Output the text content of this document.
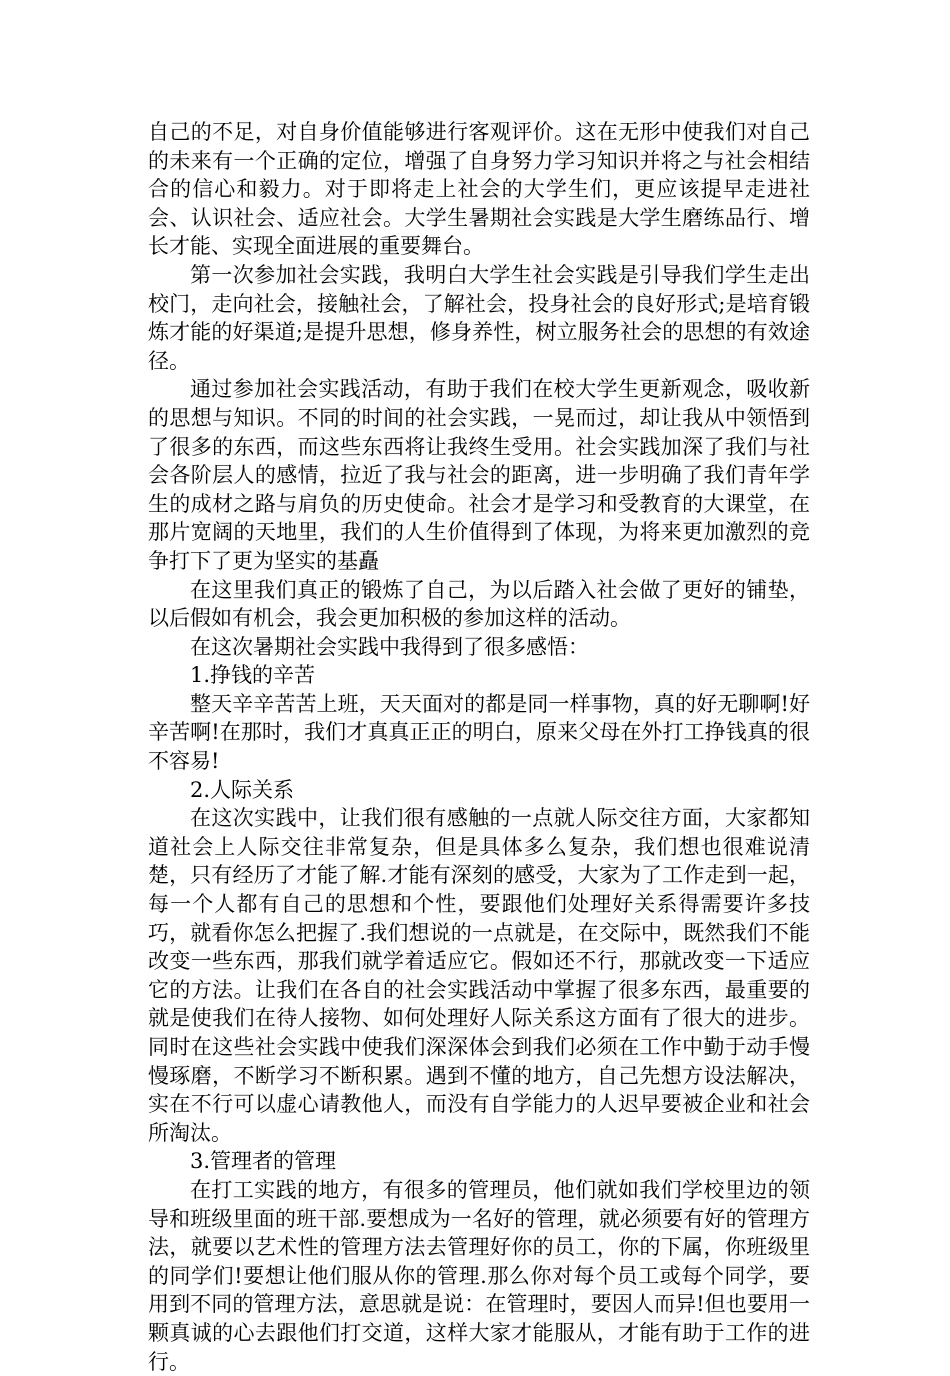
自己的不足，对自身价值能够进行客观评价。这在无形中使我们对自己的未来有一个正确的定位，增强了自身努力学习知识并将之与社会相结合的信心和毅力。对于即将走上社会的大学生们，更应该提早走进社会、认识社会、适应社会。大学生暑期社会实践是大学生磨练品行、增长才能、实现全面进展的重要舞台。

第一次参加社会实践，我明白大学生社会实践是引导我们学生走出校门，走向社会，接触社会，了解社会，投身社会的良好形式;是培育锻炼才能的好渠道;是提升思想，修身养性，树立服务社会的思想的有效途径。

通过参加社会实践活动，有助于我们在校大学生更新观念，吸收新的思想与知识。不同的时间的社会实践，一晃而过，却让我从中领悟到了很多的东西，而这些东西将让我终生受用。社会实践加深了我们与社会各阶层人的感情，拉近了我与社会的距离，进一步明确了我们青年学生的成材之路与肩负的历史使命。社会才是学习和受教育的大课堂，在那片宽阔的天地里，我们的人生价值得到了体现，为将来更加激烈的竞争打下了更为坚实的基矗

在这里我们真正的锻炼了自己，为以后踏入社会做了更好的铺垫，以后假如有机会，我会更加积极的参加这样的活动。

在这次暑期社会实践中我得到了很多感悟：

1.挣钱的辛苦

整天辛辛苦苦上班，天天面对的都是同一样事物，真的好无聊啊!好辛苦啊!在那时，我们才真真正正的明白，原来父母在外打工挣钱真的很不容易!

2.人际关系

在这次实践中，让我们很有感触的一点就人际交往方面，大家都知道社会上人际交往非常复杂，但是具体多么复杂，我们想也很难说清楚，只有经历了才能了解.才能有深刻的感受，大家为了工作走到一起，每一个人都有自己的思想和个性，要跟他们处理好关系得需要许多技巧，就看你怎么把握了.我们想说的一点就是，在交际中，既然我们不能改变一些东西，那我们就学着适应它。假如还不行，那就改变一下适应它的方法。让我们在各自的社会实践活动中掌握了很多东西，最重要的就是使我们在待人接物、如何处理好人际关系这方面有了很大的进步。同时在这些社会实践中使我们深深体会到我们必须在工作中勤于动手慢慢琢磨，不断学习不断积累。遇到不懂的地方，自己先想方设法解决，实在不行可以虚心请教他人，而没有自学能力的人迟早要被企业和社会所淘汰。

3.管理者的管理

在打工实践的地方，有很多的管理员，他们就如我们学校里边的领导和班级里面的班干部.要想成为一名好的管理，就必须要有好的管理方法，就要以艺术性的管理方法去管理好你的员工，你的下属，你班级里的同学们!要想让他们服从你的管理.那么你对每个员工或每个同学，要用到不同的管理方法，意思就是说：在管理时，要因人而异!但也要用一颗真诚的心去跟他们打交道，这样大家才能服从，才能有助于工作的进行。
